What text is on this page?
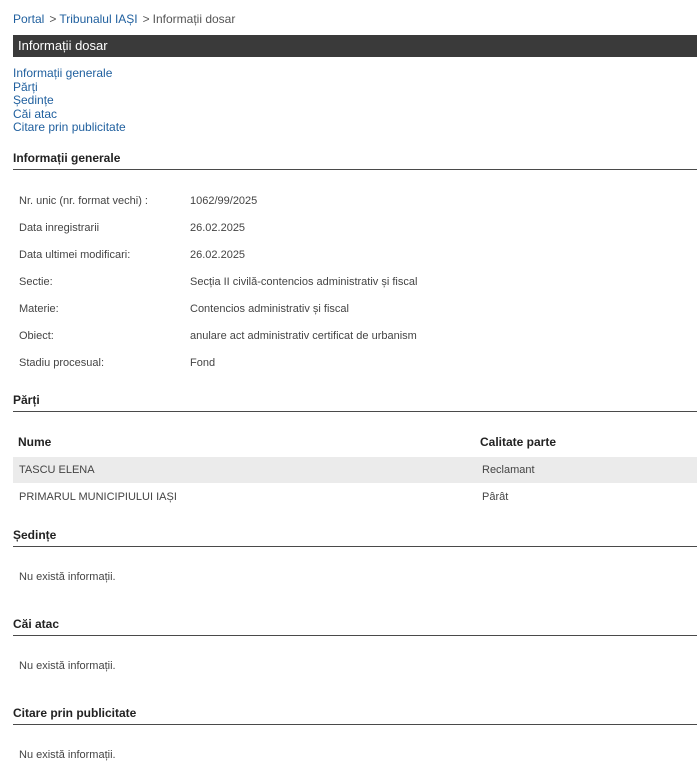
Portal > Tribunalul IAȘI > Informații dosar
Informații dosar
Informații generale
Părți
Ședințe
Căi atac
Citare prin publicitate
Informații generale
Nr. unic (nr. format vechi) :	1062/99/2025
Data inregistrarii	26.02.2025
Data ultimei modificari:	26.02.2025
Sectie:	Secția II civilă-contencios administrativ și fiscal
Materie:	Contencios administrativ și fiscal
Obiect:	anulare act administrativ certificat de urbanism
Stadiu procesual:	Fond
Părți
Nume	Calitate parte
TASCU ELENA	Reclamant
PRIMARUL MUNICIPIULUI IAȘI	Pârât
Ședințe
Nu există informații.
Căi atac
Nu există informații.
Citare prin publicitate
Nu există informații.
